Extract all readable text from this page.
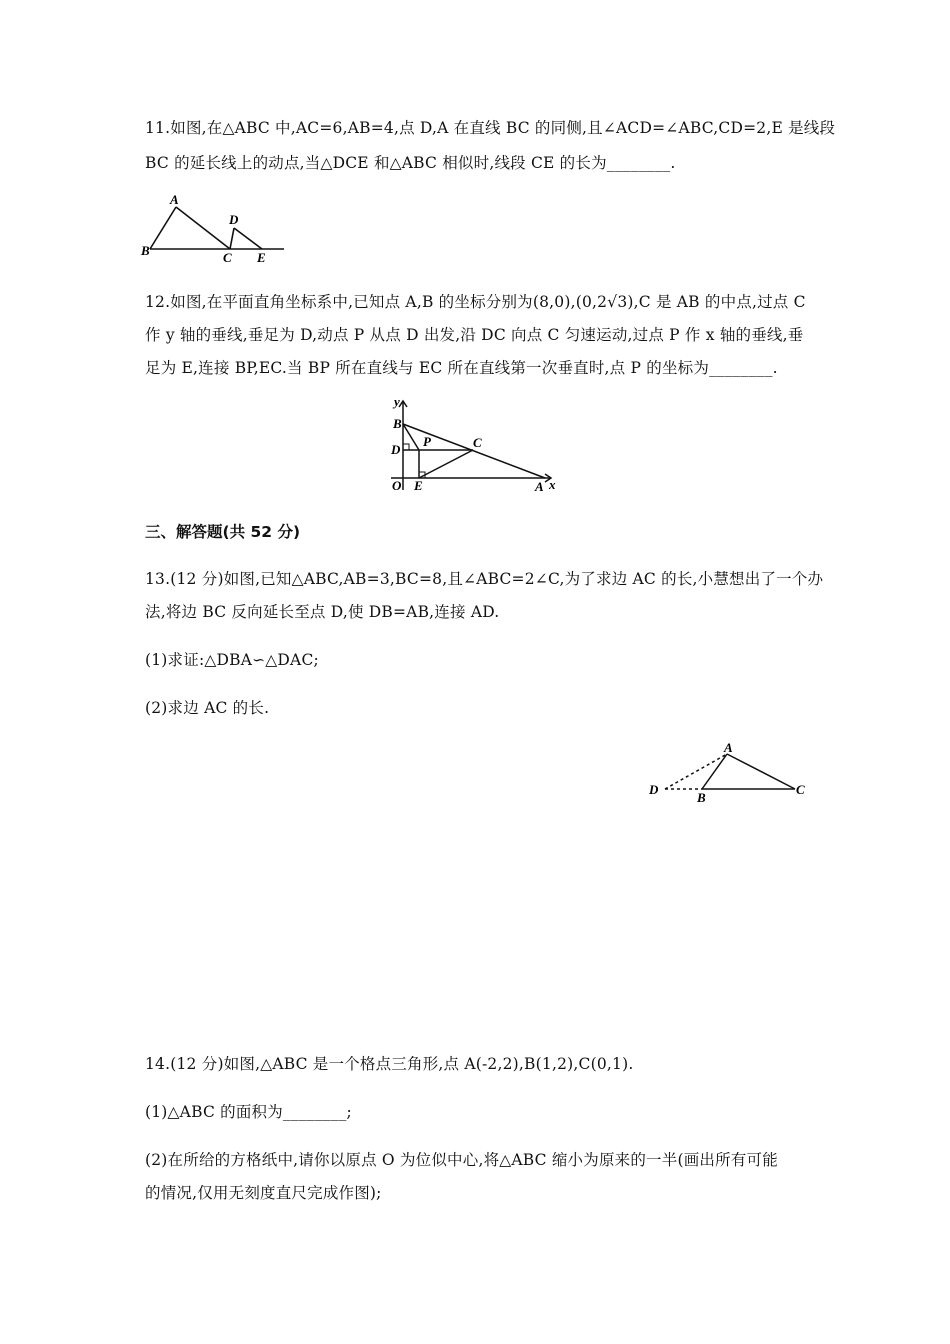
11.如图,在△ABC 中,AC=6,AB=4,点 D,A 在直线 BC 的同侧,且∠ACD=∠ABC,CD=2,E 是线段
BC 的延长线上的动点,当△DCE 和△ABC 相似时,线段 CE 的长为________.
A
B	C
D
E
12.如图,在平面直角坐标系中,已知点 A,B 的坐标分别为(8,0),(0,2√3),C 是 AB 的中点,过点 C
作 y 轴的垂线,垂足为 D,动点 P 从点 D 出发,沿 DC 向点 C 匀速运动,过点 P 作 x 轴的垂线,垂
足为 E,连接 BP,EC.当 BP 所在直线与 EC 所在直线第一次垂直时,点 P 的坐标为________.
y
x
B
D
P	C
O E	A
三、解答题(共 52 分)
13.(12 分)如图,已知△ABC,AB=3,BC=8,且∠ABC=2∠C,为了求边 AC 的长,小慧想出了一个办
法,将边 BC 反向延长至点 D,使 DB=AB,连接 AD.
(1)求证:△DBA∽△DAC;
(2)求边 AC 的长.
A
B
C
D
14.(12 分)如图,△ABC 是一个格点三角形,点 A(-2,2),B(1,2),C(0,1).
(1)△ABC 的面积为________;
(2)在所给的方格纸中,请你以原点 O 为位似中心,将△ABC 缩小为原来的一半(画出所有可能
的情况,仅用无刻度直尺完成作图);
